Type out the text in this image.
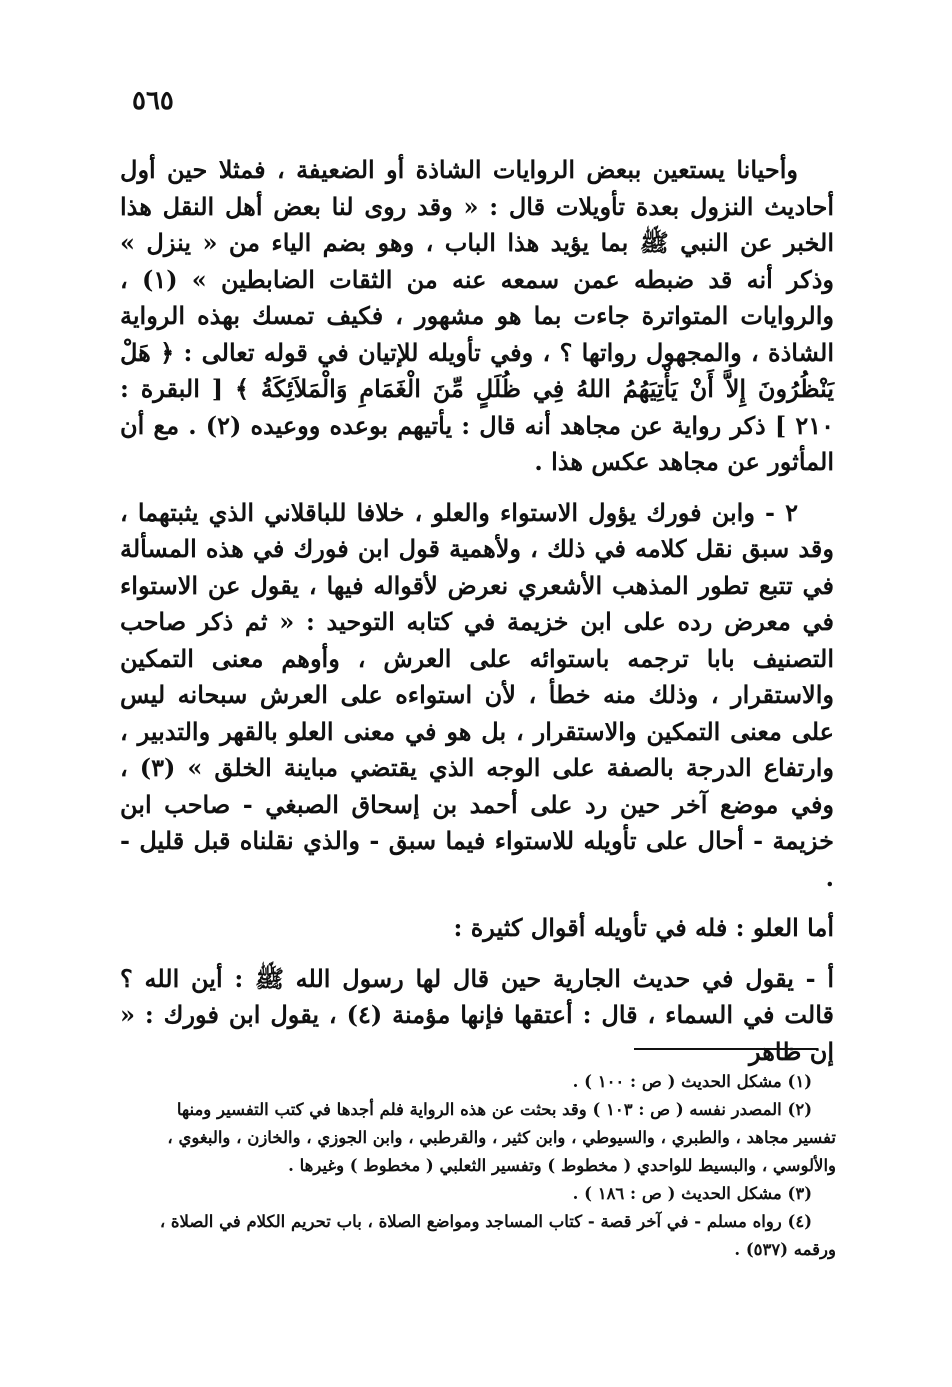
٥٦٥

وأحيانا يستعين ببعض الروايات الشاذة أو الضعيفة ، فمثلا حين أول أحاديث النزول بعدة تأويلات قال : « وقد روى لنا بعض أهل النقل هذا الخبر عن النبي ﷺ بما يؤيد هذا الباب ، وهو بضم الياء من « ينزل » وذكر أنه قد ضبطه عمن سمعه عنه من الثقات الضابطين » (١) ، والروايات المتواترة جاءت بما هو مشهور ، فكيف تمسك بهذه الرواية الشاذة ، والمجهول رواتها ؟ ، وفي تأويله للإتيان في قوله تعالى : ﴿ هَلْ يَنْظُرُونَ إِلاَّ أَنْ يَأْتِيَهُمُ اللهُ فِي ظُلَلٍ مِّنَ الْغَمَامِ وَالْمَلاَئِكَةُ ﴾ [ البقرة : ٢١٠ ] ذكر رواية عن مجاهد أنه قال : يأتيهم بوعده ووعيده (٢) . مع أن المأثور عن مجاهد عكس هذا .

٢ - وابن فورك يؤول الاستواء والعلو ، خلافا للباقلاني الذي يثبتهما ، وقد سبق نقل كلامه في ذلك ، ولأهمية قول ابن فورك في هذه المسألة في تتبع تطور المذهب الأشعري نعرض لأقواله فيها ، يقول عن الاستواء في معرض رده على ابن خزيمة في كتابه التوحيد : « ثم ذكر صاحب التصنيف بابا ترجمه باستوائه على العرش ، وأوهم معنى التمكين والاستقرار ، وذلك منه خطأ ، لأن استواءه على العرش سبحانه ليس على معنى التمكين والاستقرار ، بل هو في معنى العلو بالقهر والتدبير ، وارتفاع الدرجة بالصفة على الوجه الذي يقتضي مباينة الخلق » (٣) ، وفي موضع آخر حين رد على أحمد بن إسحاق الصبغي - صاحب ابن خزيمة - أحال على تأويله للاستواء فيما سبق - والذي نقلناه قبل قليل - .

أما العلو : فله في تأويله أقوال كثيرة :

أ - يقول في حديث الجارية حين قال لها رسول الله ﷺ : أين الله ؟ قالت في السماء ، قال : أعتقها فإنها مؤمنة (٤) ، يقول ابن فورك : « إن ظاهر

(١) مشكل الحديث ( ص : ١٠٠ ) .

(٢) المصدر نفسه ( ص : ١٠٣ ) وقد بحثت عن هذه الرواية فلم أجدها في كتب التفسير ومنها

تفسير مجاهد ، والطبري ، والسيوطي ، وابن كثير ، والقرطبي ، وابن الجوزي ، والخازن ، والبغوي ،

والألوسي ، والبسيط للواحدي ( مخطوط ) وتفسير الثعلبي ( مخطوط ) وغيرها .

(٣) مشكل الحديث ( ص : ١٨٦ ) .

(٤) رواه مسلم - في آخر قصة - كتاب المساجد ومواضع الصلاة ، باب تحريم الكلام في الصلاة ،

ورقمه (٥٣٧) .
